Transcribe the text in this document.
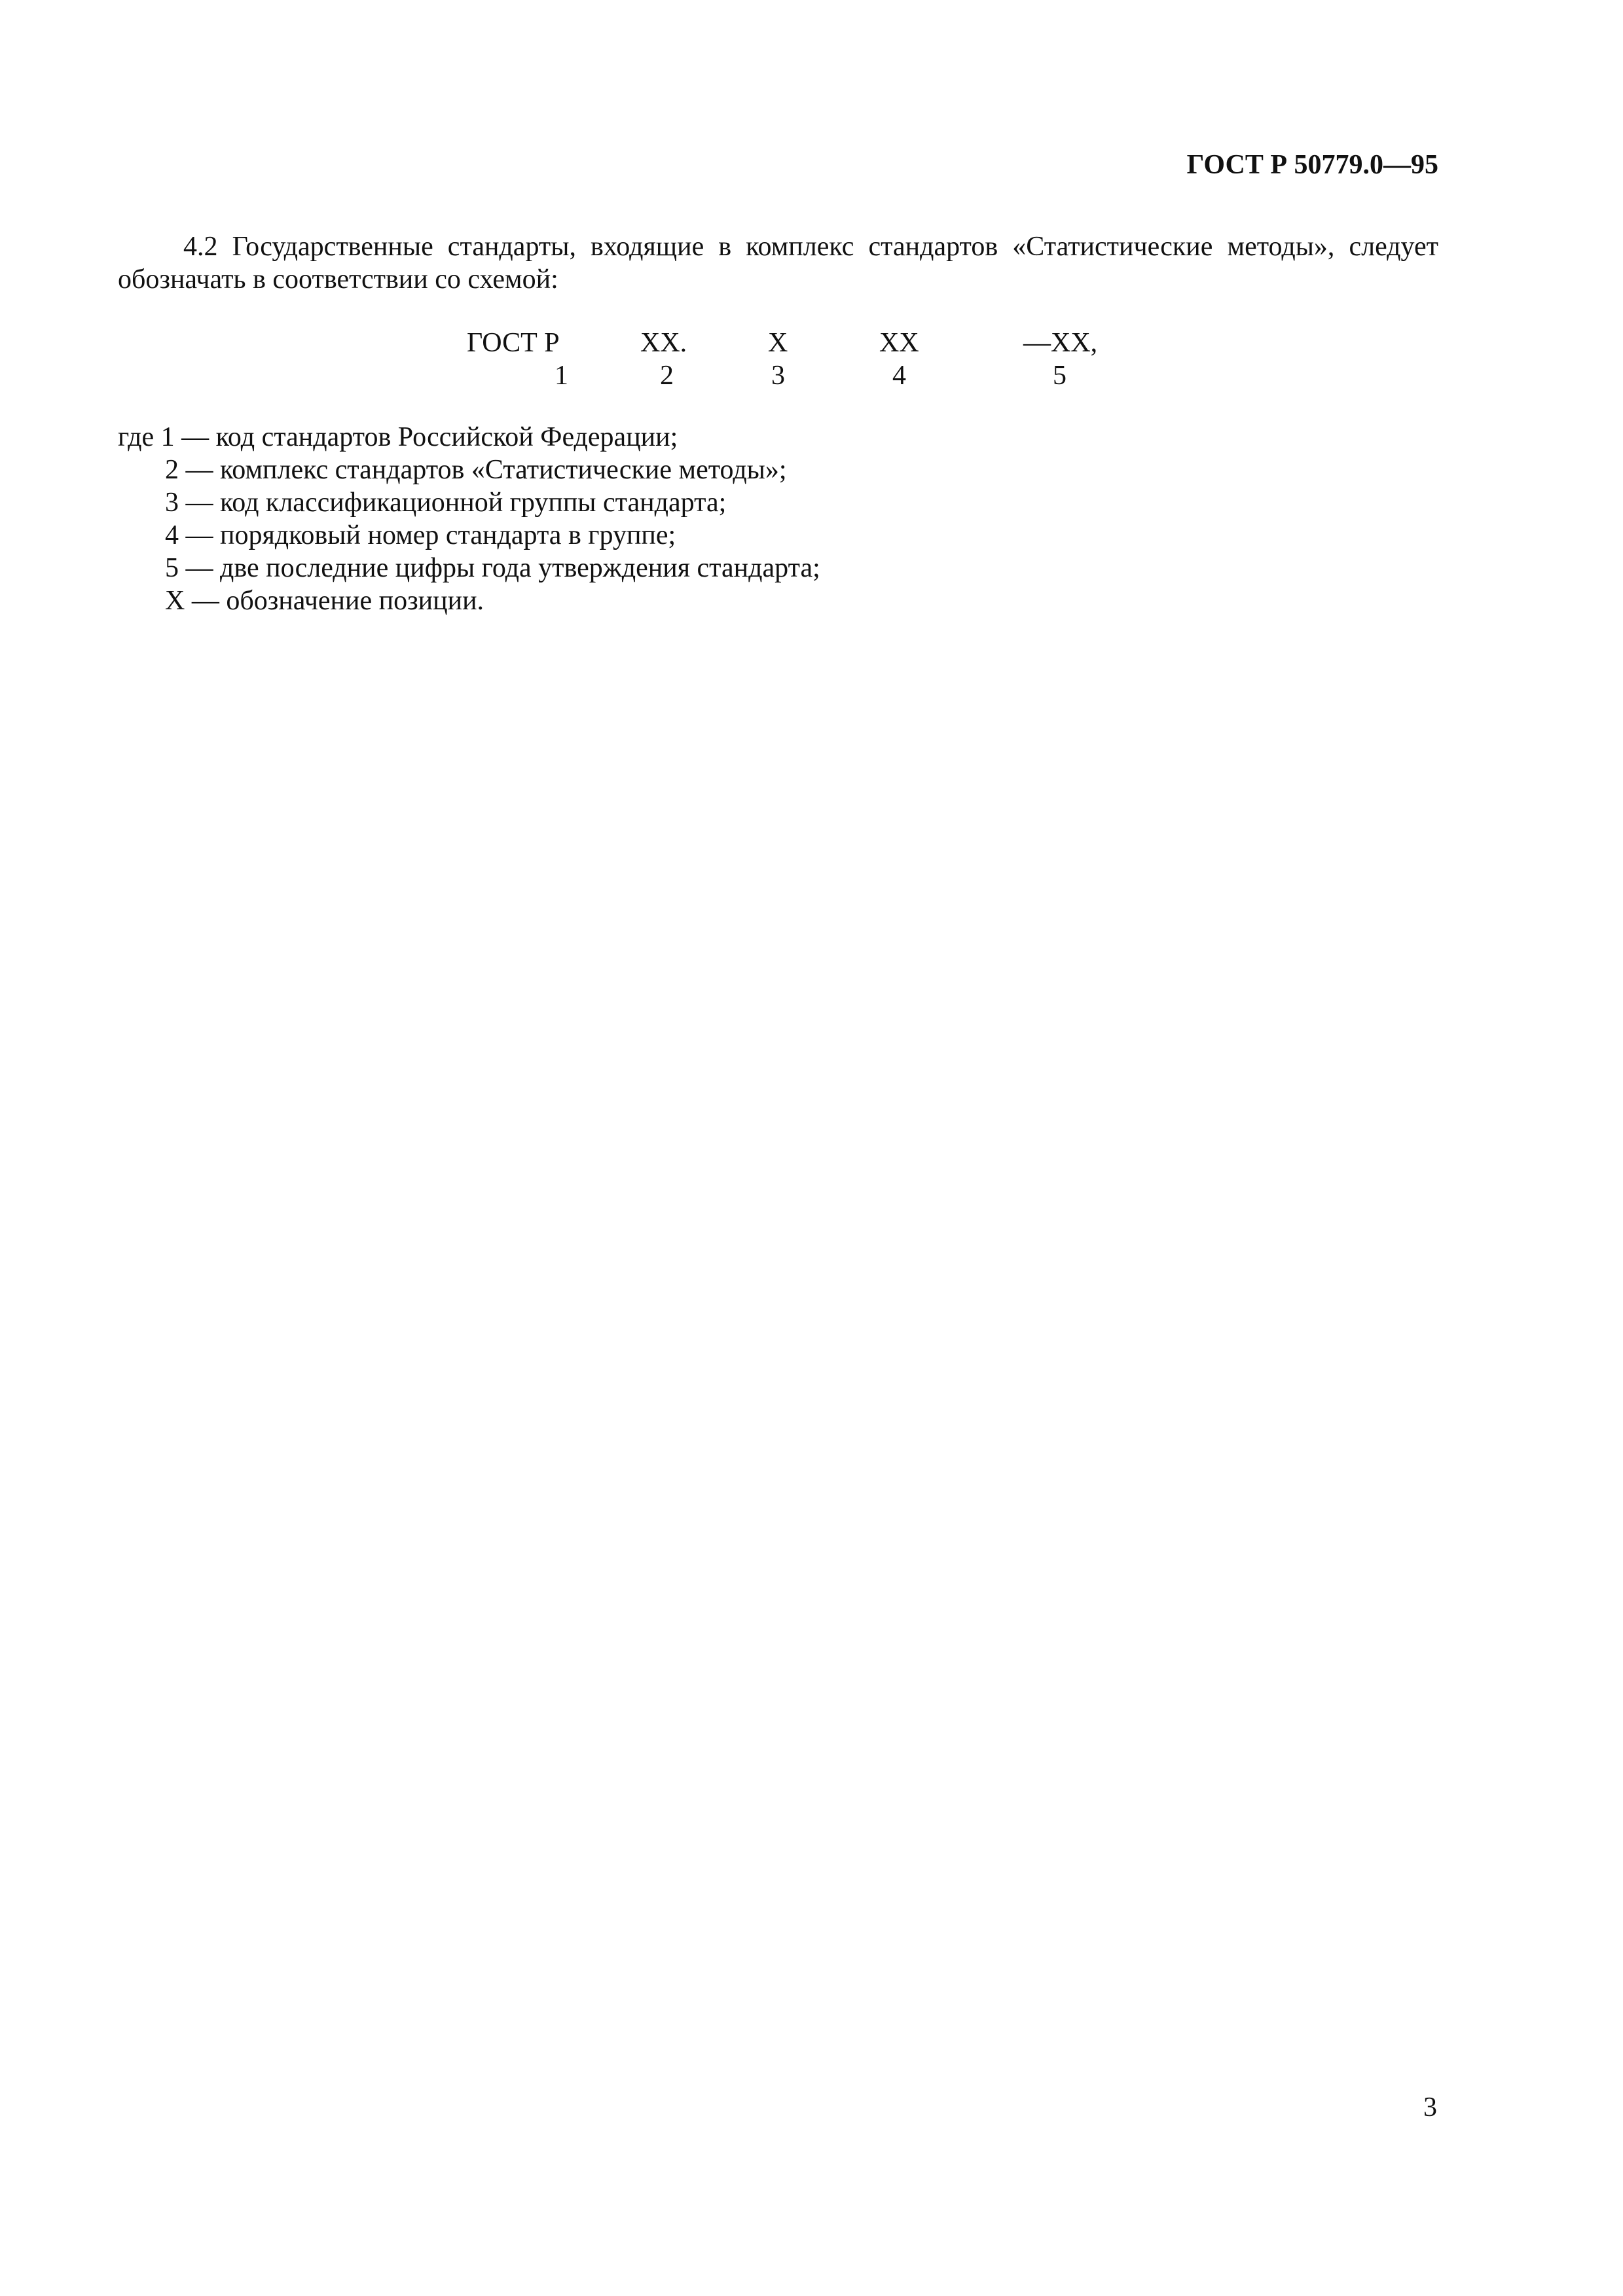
ГОСТ Р 50779.0—95

4.2 Государственные стандарты, входящие в комплекс стандартов «Статистические методы», следует обозначать в соответствии со схемой:

ГОСТ Р	XX.	X	XX	—XX,
1	2	3	4	5
где 1 — код стандартов Российской Федерации;
2 — комплекс стандартов «Статистические методы»;
3 — код классификационной группы стандарта;
4 — порядковый номер стандарта в группе;
5 — две последние цифры года утверждения стандарта;
X — обозначение позиции.
3
